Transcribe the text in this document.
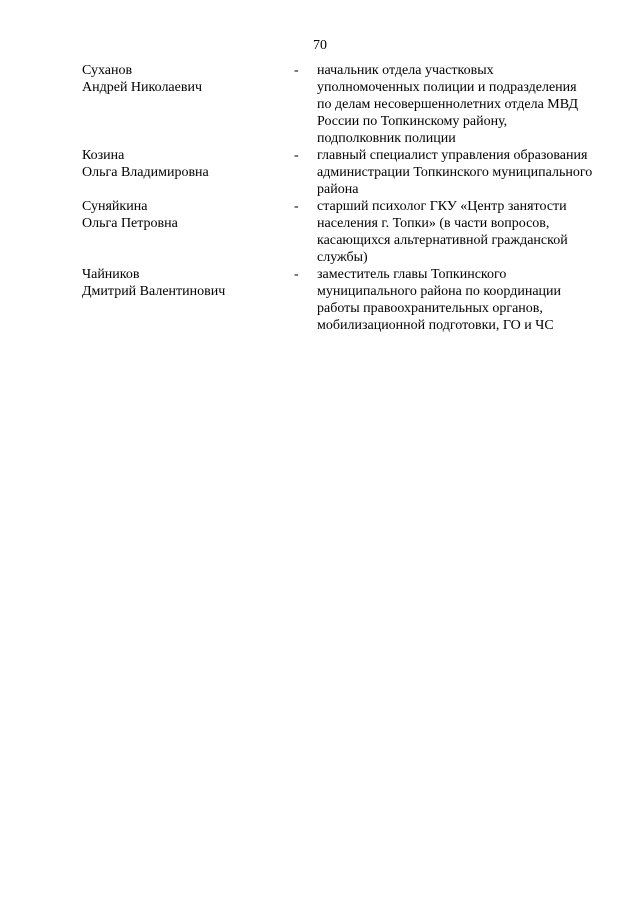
70
Суханов
Андрей Николаевич
-	начальник отдела участковых уполномоченных полиции и подразделения по делам несовершеннолетних отдела МВД России по Топкинскому району, подполковник полиции
Козина
Ольга Владимировна
-	главный специалист управления образования администрации Топкинского муниципального района
Суняйкина
Ольга Петровна
-	старший психолог ГКУ «Центр занятости населения г. Топки» (в части вопросов, касающихся альтернативной гражданской службы)
Чайников
Дмитрий Валентинович
-	заместитель главы Топкинского муниципального района по координации работы правоохранительных органов, мобилизационной подготовки, ГО и ЧС
